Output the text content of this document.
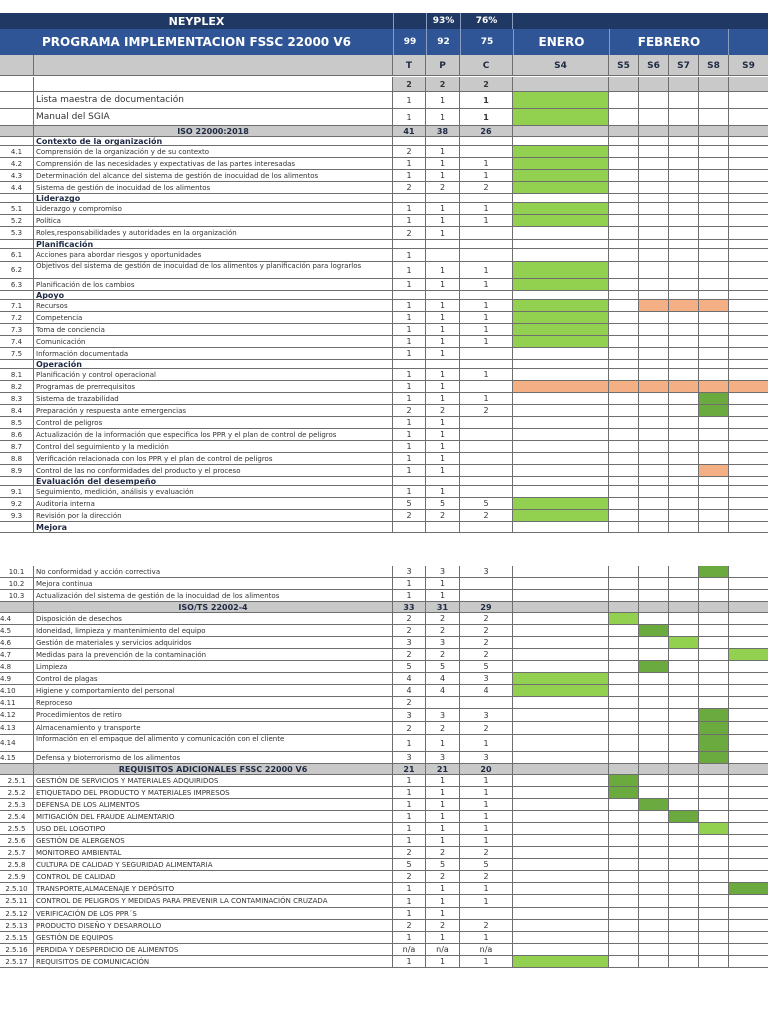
NEYPLEX	93%	76%
PROGRAMA IMPLEMENTACION FSSC 22000 V6	99	92	75	ENERO	FEBRERO
T	P	C	S4	S5	S6	S7	S8	S9
2	2	2
Lista maestra de documentación	1	1	1
Manual del SGIA	1	1	1
ISO 22000:2018	41	38	26
Contexto de la organización
4.1	Comprensión de la organización y de su contexto	2	1
4.2	Comprensión de las necesidades y expectativas de las partes interesadas	1	1	1
4.3	Determinación del alcance del sistema de gestión de inocuidad de los alimentos	1	1	1
4.4	Sistema de gestión de inocuidad de los alimentos	2	2	2
Liderazgo
5.1	Liderazgo y compromiso	1	1	1
5.2	Política	1	1	1
5.3	Roles,responsabilidades y autoridades en la organización	2	1
Planificación
6.1	Acciones para abordar riesgos y oportunidades	1
6.2	Objetivos del sistema de gestión de inocuidad de los alimentos y planificación para lograrlos	1	1	1
6.3	Planificación de los cambios	1	1	1
Apoyo
7.1	Recursos	1	1	1
7.2	Competencia	1	1	1
7.3	Toma de conciencia	1	1	1
7.4	Comunicación	1	1	1
7.5	Información documentada	1	1
Operación
8.1	Planificación y control operacional	1	1	1
8.2	Programas de prerrequisitos	1	1
8.3	Sistema de trazabilidad	1	1	1
8.4	Preparación y respuesta ante emergencias	2	2	2
8.5	Control de peligros	1	1
8.6	Actualización de la información que especifica los PPR y el plan de control de peligros	1	1
8.7	Control del seguimiento y la medición	1	1
8.8	Verificación relacionada con los PPR y el plan de control de peligros	1	1
8.9	Control de las no conformidades del producto y el proceso	1	1
Evaluación del desempeño
9.1	Seguimiento, medición, análisis y evaluación	1	1
9.2	Auditoria interna	5	5	5
9.3	Revisión por la dirección	2	2	2
Mejora
10.1	No conformidad y acción correctiva	3	3	3
10.2	Mejora continua	1	1
10.3	Actualización del sistema de gestión de la inocuidad de los alimentos	1	1
ISO/TS 22002-4	33	31	29
4.4	Disposición de desechos	2	2	2
4.5	Idoneidad, limpieza y mantenimiento del equipo	2	2	2
4.6	Gestión de materiales y servicios adquiridos	3	3	2
4.7	Medidas para la prevención de la contaminación	2	2	2
4.8	Limpieza	5	5	5
4.9	Control de plagas	4	4	3
4.10	Higiene y comportamiento del personal	4	4	4
4.11	Reproceso	2
4.12	Procedimientos de retiro	3	3	3
4.13	Almacenamiento y transporte	2	2	2
4.14	Información en el empaque del alimento y comunicación con el cliente	1	1	1
4.15	Defensa y bioterrorismo de los alimentos	3	3	3
REQUISITOS ADICIONALES FSSC 22000 V6	21	21	20
2.5.1	GESTIÓN DE SERVICIOS Y MATERIALES ADQUIRIDOS	1	1	1
2.5.2	ETIQUETADO DEL PRODUCTO Y MATERIALES IMPRESOS	1	1	1
2.5.3	DEFENSA DE LOS ALIMENTOS	1	1	1
2.5.4	MITIGACIÓN DEL FRAUDE ALIMENTARIO	1	1	1
2.5.5	USO DEL LOGOTIPO	1	1	1
2.5.6	GESTIÓN DE ALERGENOS	1	1	1
2.5.7	MONITOREO AMBIENTAL	2	2	2
2.5.8	CULTURA DE CALIDAD Y SEGURIDAD ALIMENTARIA	5	5	5
2.5.9	CONTROL DE CALIDAD	2	2	2
2.5.10	TRANSPORTE,ALMACENAJE Y DEPÓSITO	1	1	1
2.5.11	CONTROL DE PELIGROS Y MEDIDAS PARA PREVENIR LA CONTAMINACIÓN CRUZADA	1	1	1
2.5.12	VERIFICACIÓN DE LOS PPR´S	1	1
2.5.13	PRODUCTO DISEÑO Y DESARROLLO	2	2	2
2.5.15	GESTIÓN DE EQUIPOS	1	1	1
2.5.16	PERDIDA Y DESPERDICIO DE ALIMENTOS	n/a	n/a	n/a
2.5.17	REQUISITOS DE COMUNICACIÓN	1	1	1
